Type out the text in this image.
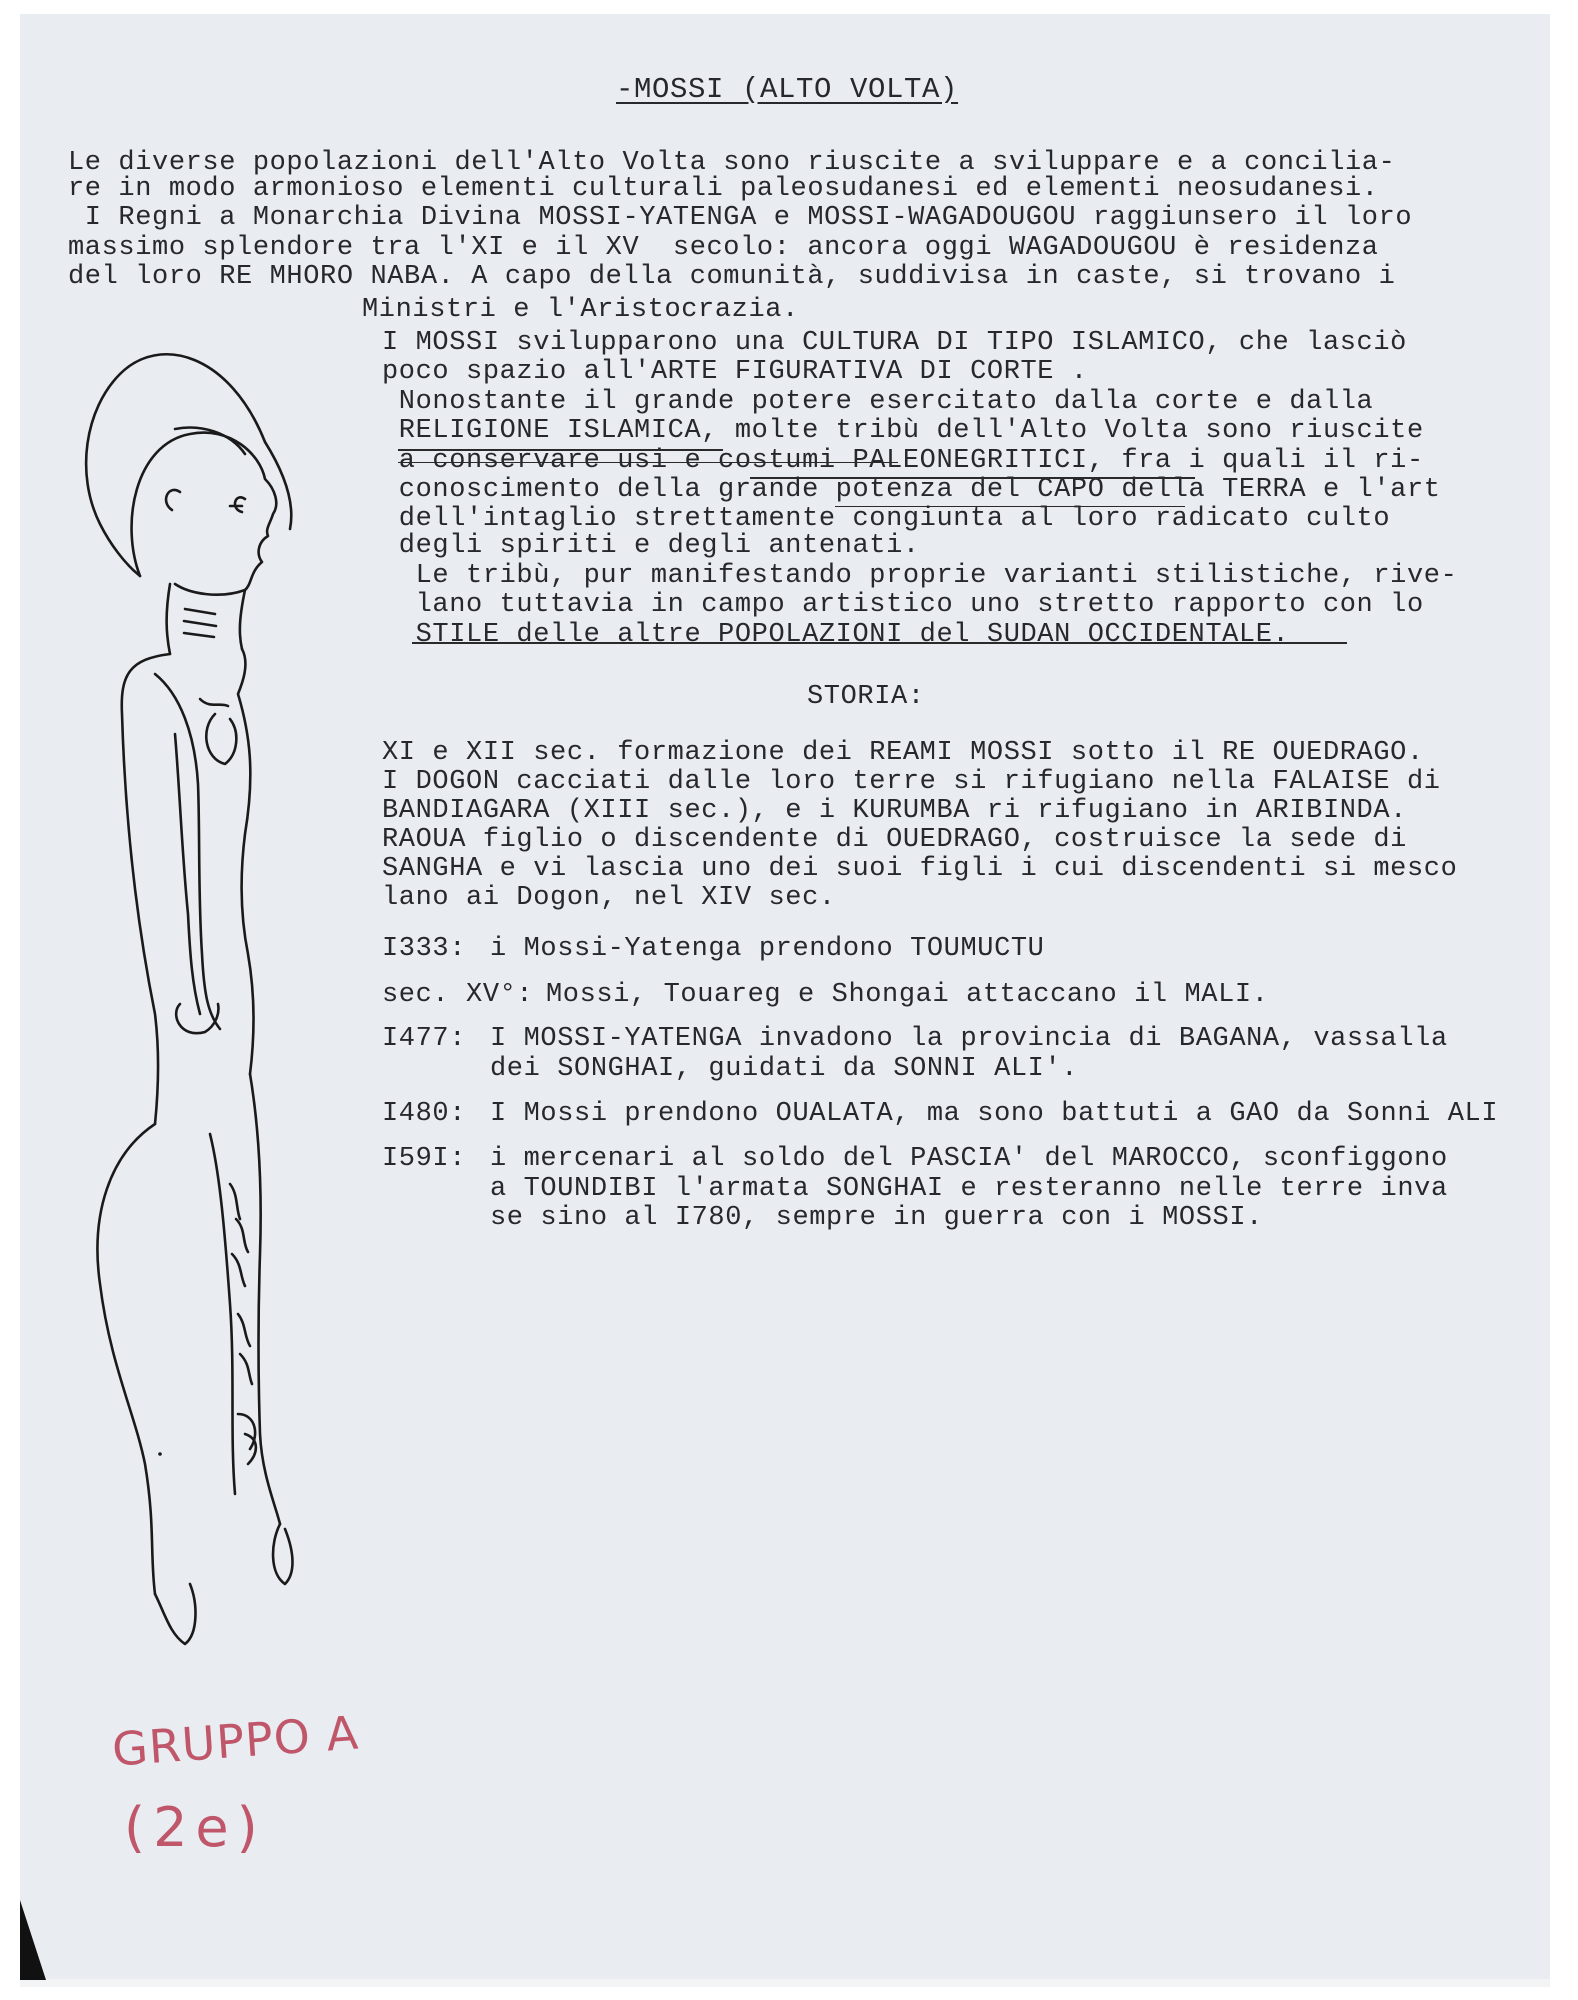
-MOSSI (ALTO VOLTA)

Le diverse popolazioni dell'Alto Volta sono riuscite a sviluppare e a concilia-

re in modo armonioso elementi culturali paleosudanesi ed elementi neosudanesi.

I Regni a Monarchia Divina MOSSI-YATENGA e MOSSI-WAGADOUGOU raggiunsero il loro

massimo splendore tra l'XI e il XV  secolo: ancora oggi WAGADOUGOU è residenza

del loro RE MHORO NABA. A capo della comunità, suddivisa in caste, si trovano i

Ministri e l'Aristocrazia.

I MOSSI svilupparono una CULTURA DI TIPO ISLAMICO, che lasciò

poco spazio all'ARTE FIGURATIVA DI CORTE .

Nonostante il grande potere esercitato dalla corte e dalla

RELIGIONE ISLAMICA, molte tribù dell'Alto Volta sono riuscite

a conservare usi e costumi PALEONEGRITICI, fra i quali il ri-

conoscimento della grande potenza del CAPO della TERRA e l'art

dell'intaglio strettamente congiunta al loro radicato culto

degli spiriti e degli antenati.

Le tribù, pur manifestando proprie varianti stilistiche, rive-

lano tuttavia in campo artistico uno stretto rapporto con lo

STILE delle altre POPOLAZIONI del SUDAN OCCIDENTALE.

STORIA:

XI e XII sec. formazione dei REAMI MOSSI sotto il RE OUEDRAGO.

I DOGON cacciati dalle loro terre si rifugiano nella FALAISE di

BANDIAGARA (XIII sec.), e i KURUMBA ri rifugiano in ARIBINDA.

RAOUA figlio o discendente di OUEDRAGO, costruisce la sede di

SANGHA e vi lascia uno dei suoi figli i cui discendenti si mesco

lano ai Dogon, nel XIV sec.

I333:

i Mossi-Yatenga prendono TOUMUCTU

sec. XV°:

Mossi, Touareg e Shongai attaccano il MALI.

I477:

I MOSSI-YATENGA invadono la provincia di BAGANA, vassalla

dei SONGHAI, guidati da SONNI ALI'.

I480:

I Mossi prendono OUALATA, ma sono battuti a GAO da Sonni ALI

I59I:

i mercenari al soldo del PASCIA' del MAROCCO, sconfiggono

a TOUNDIBI l'armata SONGHAI e resteranno nelle terre inva

se sino al I780, sempre in guerra con i MOSSI.

GRUPPO A
(2e)
